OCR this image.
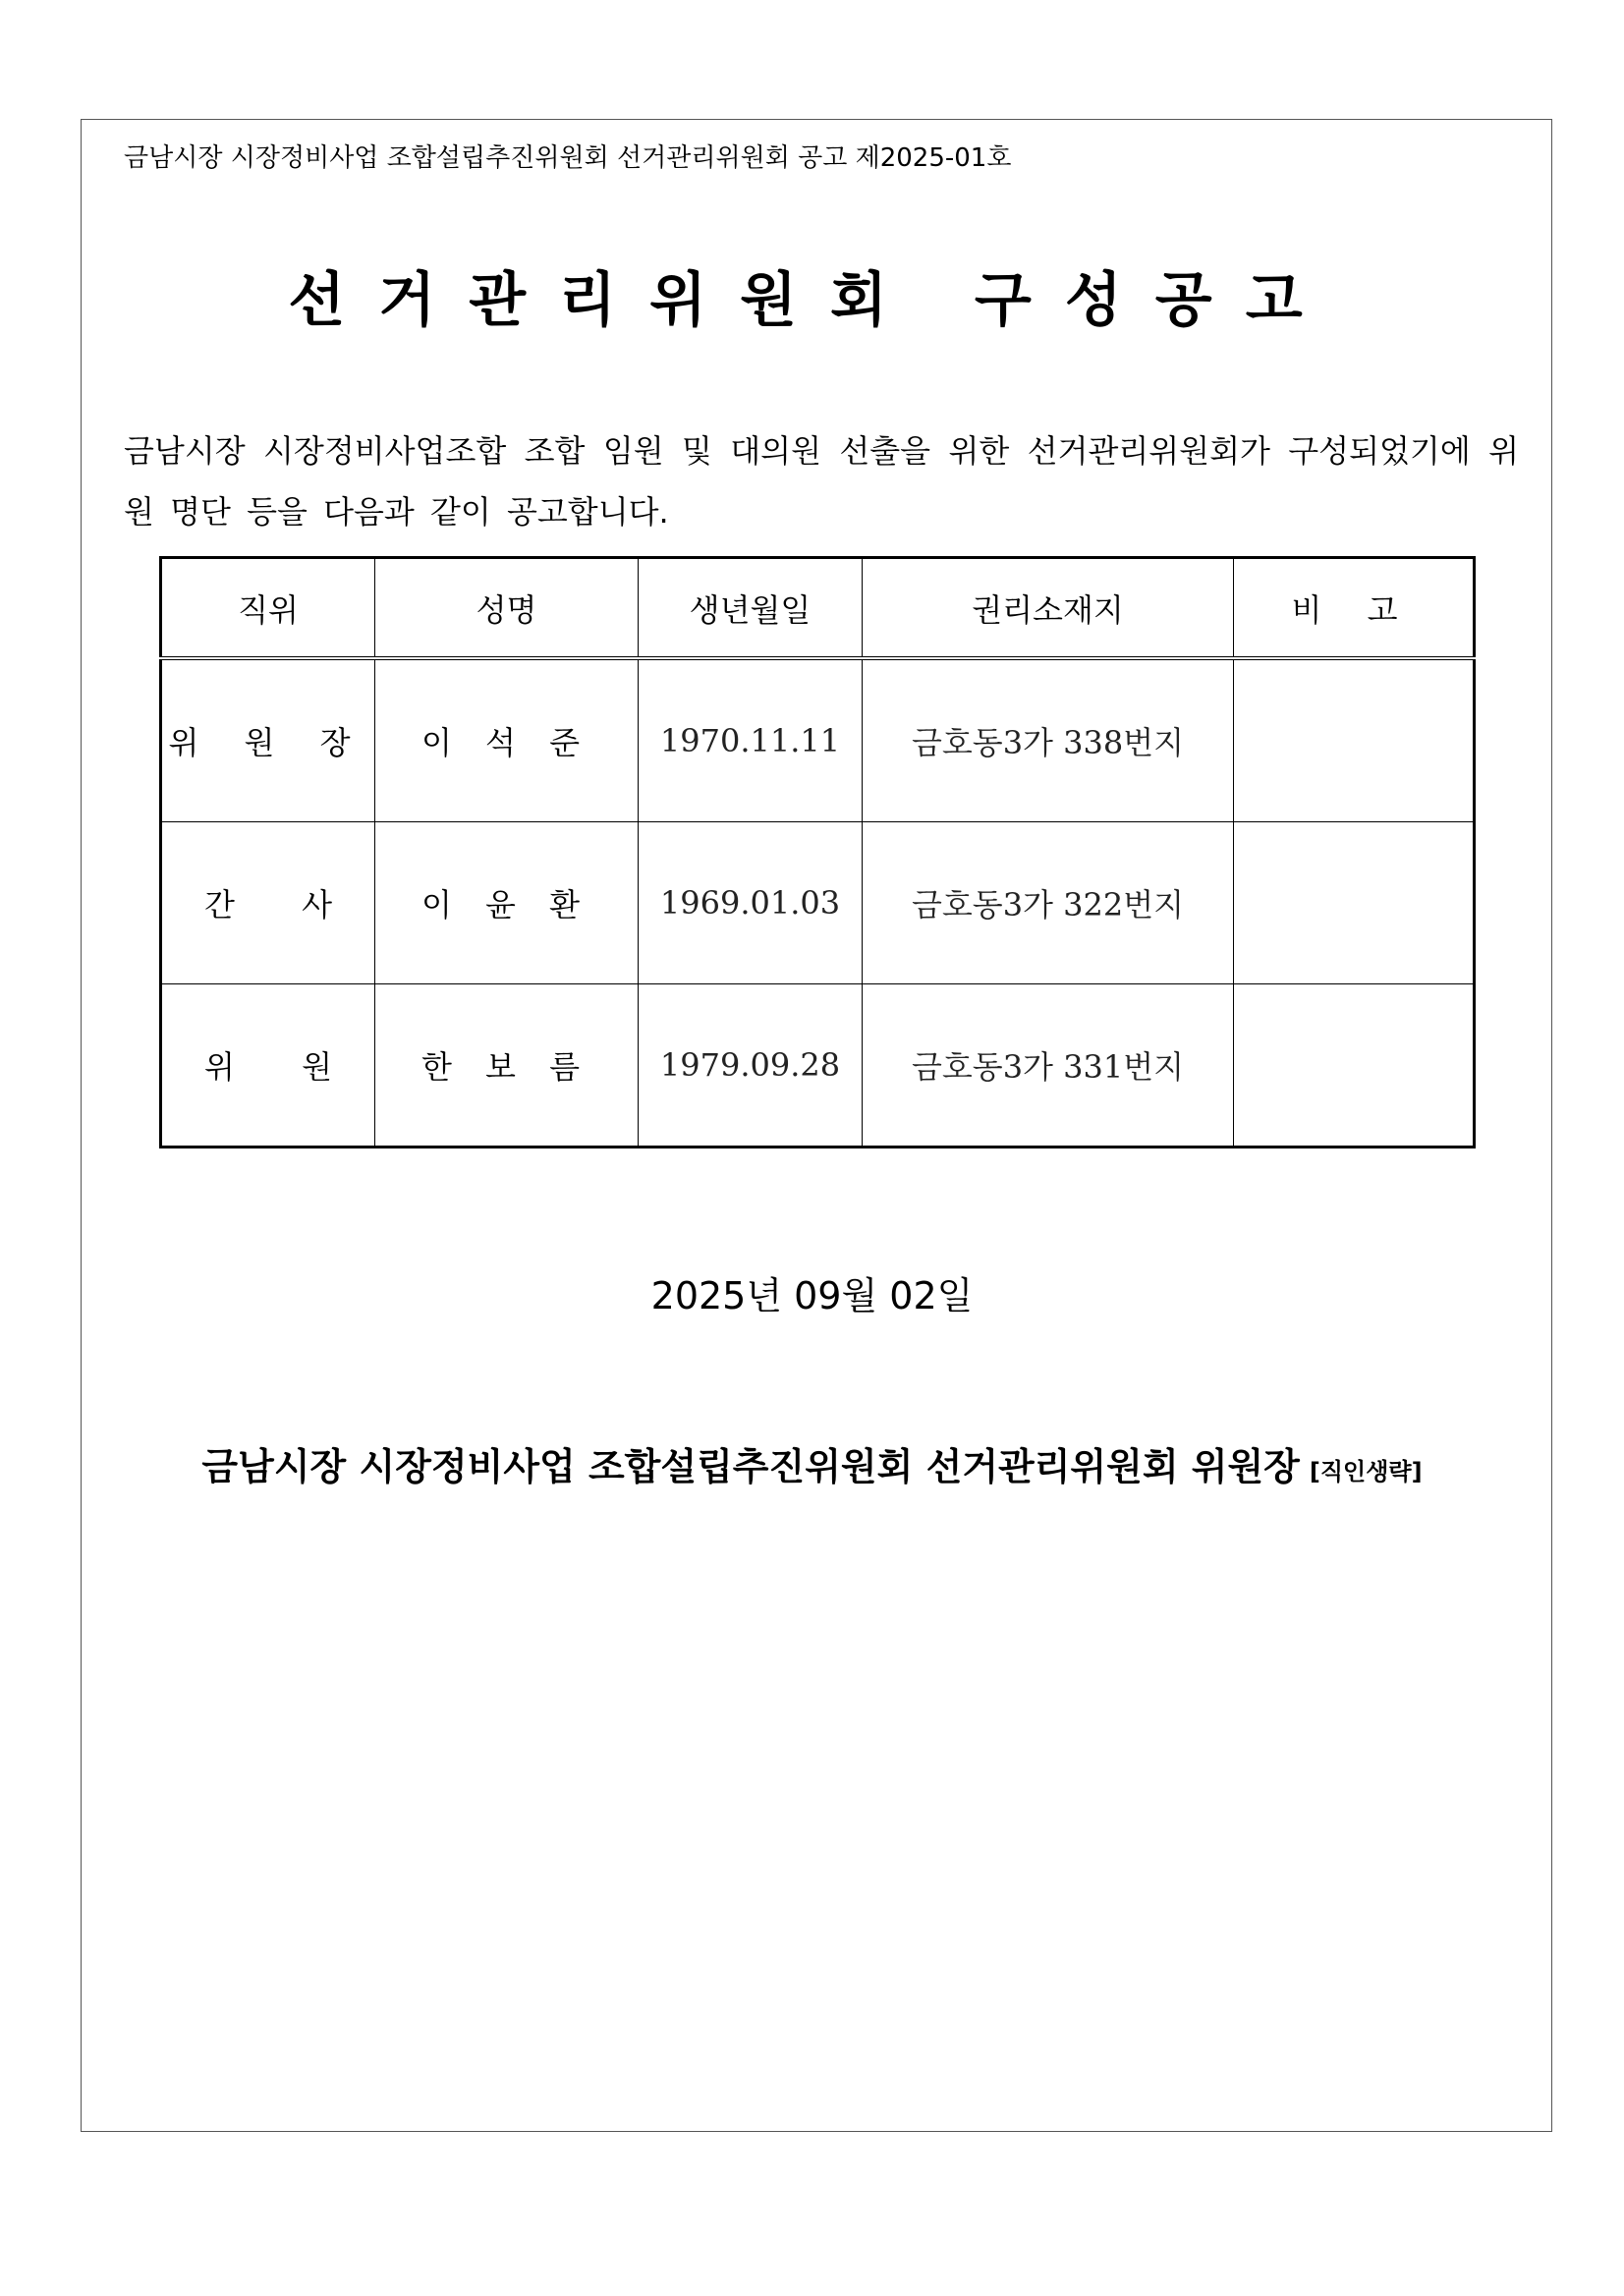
금남시장 시장정비사업 조합설립추진위원회 선거관리위원회 공고 제2025-01호
선거관리위원회 구성공고
금남시장 시장정비사업조합 조합 임원 및 대의원 선출을 위한 선거관리위원회가 구성되었기에 위원 명단 등을 다음과 같이 공고합니다.
직위	성명	생년월일	권리소재지	비 고
위 원 장	이 석 준	1970.11.11	금호동3가 338번지	
간 사	이 윤 환	1969.01.03	금호동3가 322번지	
위 원	한 보 름	1979.09.28	금호동3가 331번지	
2025년 09월 02일
금남시장 시장정비사업 조합설립추진위원회 선거관리위원회 위원장 [직인생략]
